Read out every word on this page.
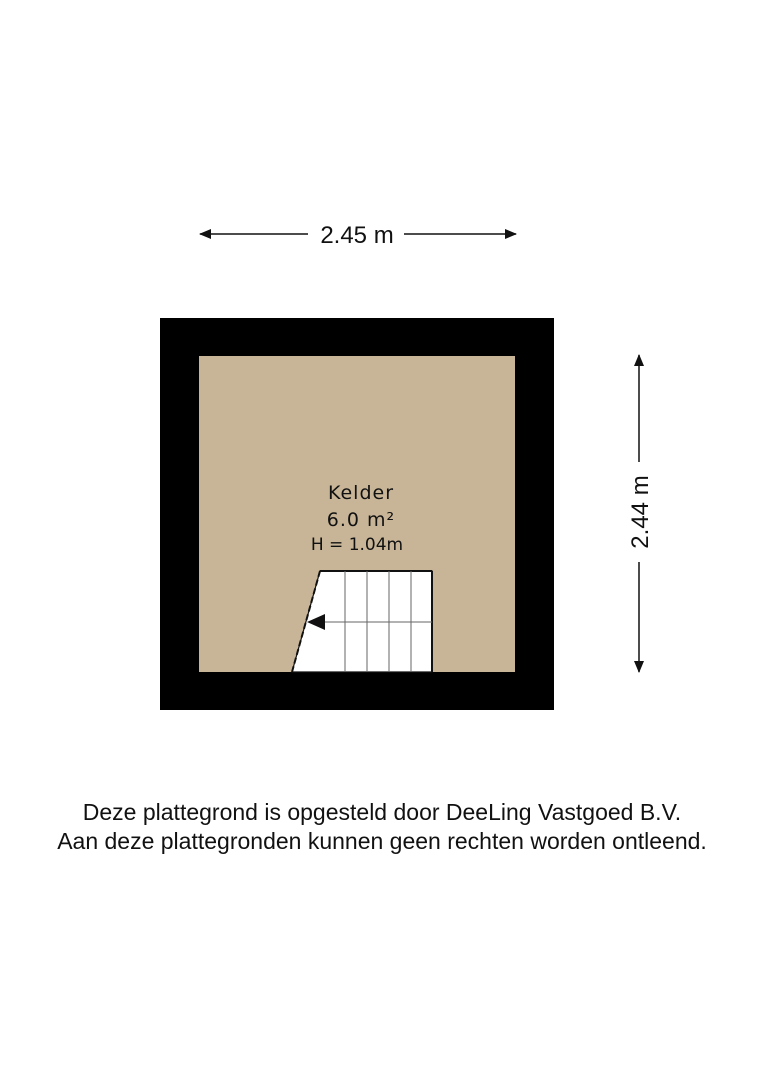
2.45 m
2.44 m
Kelder
6.0 m²
H = 1.04m
Deze plattegrond is opgesteld door DeeLing Vastgoed B.V.
Aan deze plattegronden kunnen geen rechten worden ontleend.
